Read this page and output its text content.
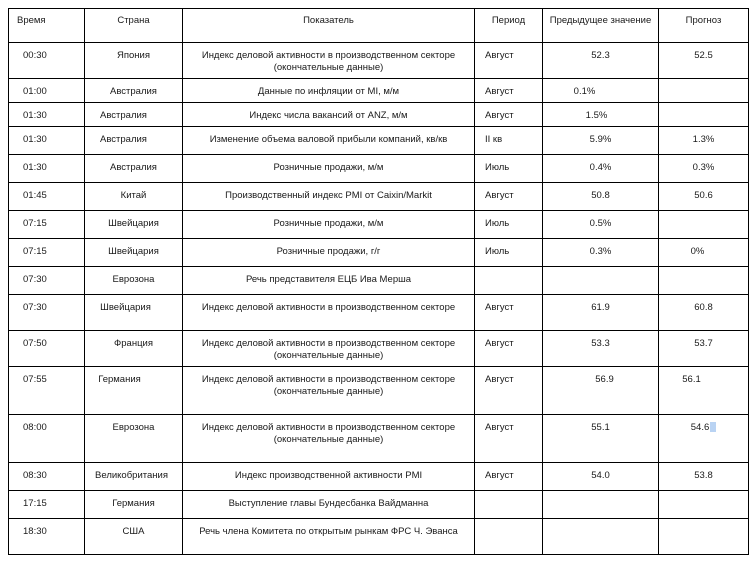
Время	Страна	Показатель	Период	Предыдущее значение	Прогноз
00:30	Япония	Индекс деловой активности в производственном секторе (окончательные данные)	Август	52.3	52.5
01:00	Австралия	Данные по инфляции от MI, м/м	Август	0.1%	
01:30	Австралия	Индекс числа вакансий от ANZ, м/м	Август	1.5%	
01:30	Австралия	Изменение объема валовой прибыли компаний, кв/кв	II кв	5.9%	1.3%
01:30	Австралия	Розничные продажи, м/м	Июль	0.4%	0.3%
01:45	Китай	Производственный индекс PMI от Caixin/Markit	Август	50.8	50.6
07:15	Швейцария	Розничные продажи, м/м	Июль	0.5%	
07:15	Швейцария	Розничные продажи, г/г	Июль	0.3%	0%
07:30	Еврозона	Речь представителя ЕЦБ Ива Мерша			
07:30	Швейцария	Индекс деловой активности в производственном секторе	Август	61.9	60.8
07:50	Франция	Индекс деловой активности в производственном секторе (окончательные данные)	Август	53.3	53.7
07:55	Германия	Индекс деловой активности в производственном секторе (окончательные данные)	Август	56.9	56.1
08:00	Еврозона	Индекс деловой активности в производственном секторе (окончательные данные)	Август	55.1	54.6
08:30	Великобритания	Индекс производственной активности PMI	Август	54.0	53.8
17:15	Германия	Выступление главы Бундесбанка Вайдманна			
18:30	США	Речь члена Комитета по открытым рынкам ФРС Ч. Эванса			
